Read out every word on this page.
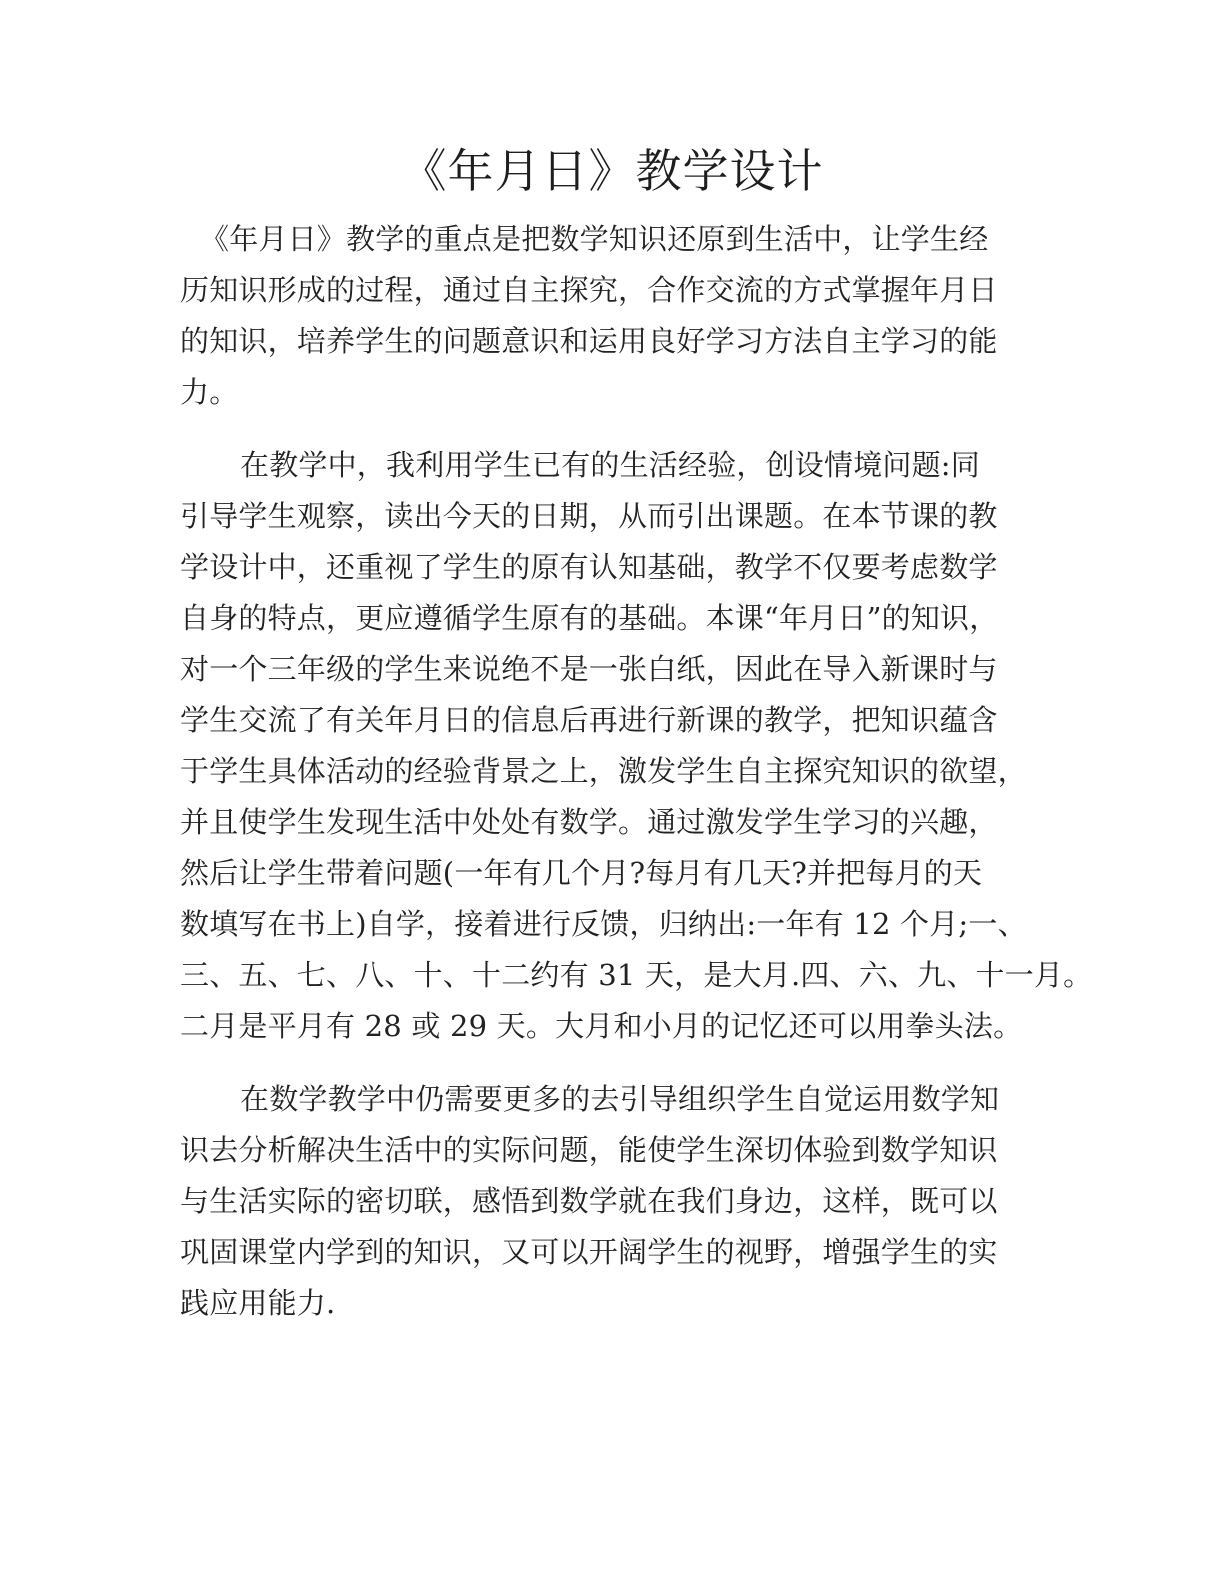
《年月日》教学设计
《年月日》教学的重点是把数学知识还原到生活中，让学生经
历知识形成的过程，通过自主探究，合作交流的方式掌握年月日
的知识，培养学生的问题意识和运用良好学习方法自主学习的能
力。
在教学中，我利用学生已有的生活经验，创设情境问题:同
引导学生观察，读出今天的日期，从而引出课题。在本节课的教
学设计中，还重视了学生的原有认知基础，教学不仅要考虑数学
自身的特点，更应遵循学生原有的基础。本课“年月日”的知识，
对一个三年级的学生来说绝不是一张白纸，因此在导入新课时与
学生交流了有关年月日的信息后再进行新课的教学，把知识蕴含
于学生具体活动的经验背景之上，激发学生自主探究知识的欲望，
并且使学生发现生活中处处有数学。通过激发学生学习的兴趣，
然后让学生带着问题(一年有几个月?每月有几天?并把每月的天
数填写在书上)自学，接着进行反馈，归纳出:一年有 12 个月;一、
三、五、七、八、十、十二约有 31 天，是大月.四、六、九、十一月。
二月是平月有 28 或 29 天。大月和小月的记忆还可以用拳头法。
在数学教学中仍需要更多的去引导组织学生自觉运用数学知
识去分析解决生活中的实际问题，能使学生深切体验到数学知识
与生活实际的密切联，感悟到数学就在我们身边，这样，既可以
巩固课堂内学到的知识，又可以开阔学生的视野，增强学生的实
践应用能力.
